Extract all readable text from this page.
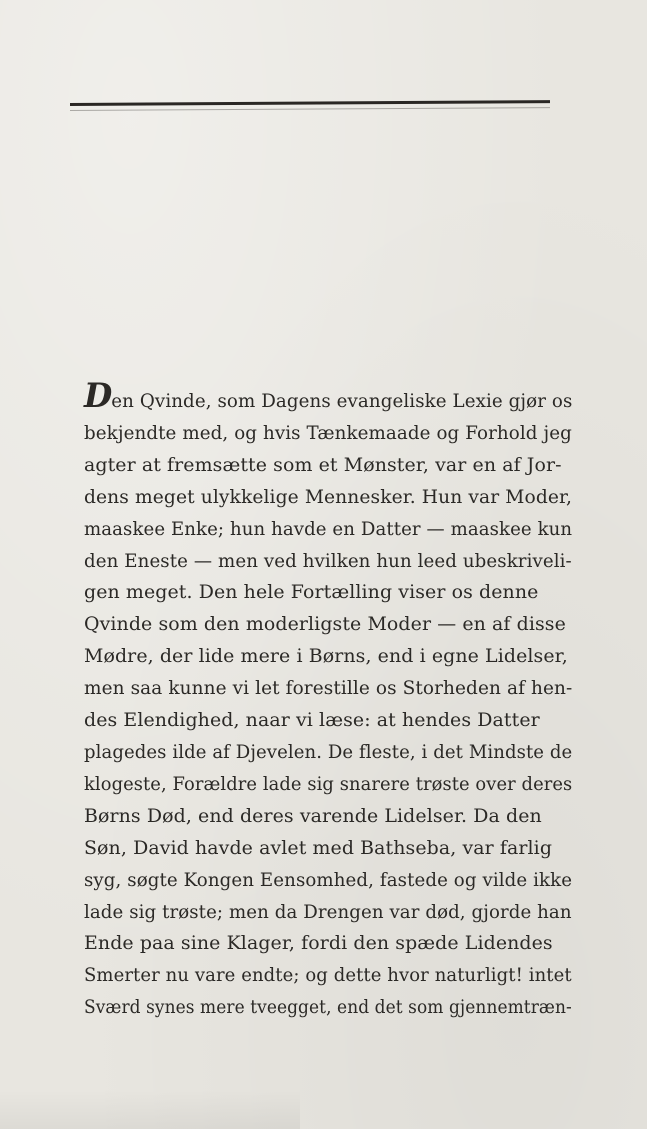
Den Qvinde, som Dagens evangeliske Lexie gjør os
bekjendte med, og hvis Tænkemaade og Forhold jeg
agter at fremsætte som et Mønster, var en af Jor-
dens meget ulykkelige Mennesker. Hun var Moder,
maaskee Enke; hun havde en Datter — maaskee kun
den Eneste — men ved hvilken hun leed ubeskriveli-
gen meget. Den hele Fortælling viser os denne
Qvinde som den moderligste Moder — en af disse
Mødre, der lide mere i Børns, end i egne Lidelser,
men saa kunne vi let forestille os Storheden af hen-
des Elendighed, naar vi læse: at hendes Datter
plagedes ilde af Djevelen. De fleste, i det Mindste de
klogeste, Forældre lade sig snarere trøste over deres
Børns Død, end deres varende Lidelser. Da den
Søn, David havde avlet med Bathseba, var farlig
syg, søgte Kongen Eensomhed, fastede og vilde ikke
lade sig trøste; men da Drengen var død, gjorde han
Ende paa sine Klager, fordi den spæde Lidendes
Smerter nu vare endte; og dette hvor naturligt! intet
Sværd synes mere tveegget, end det som gjennemtræn-
